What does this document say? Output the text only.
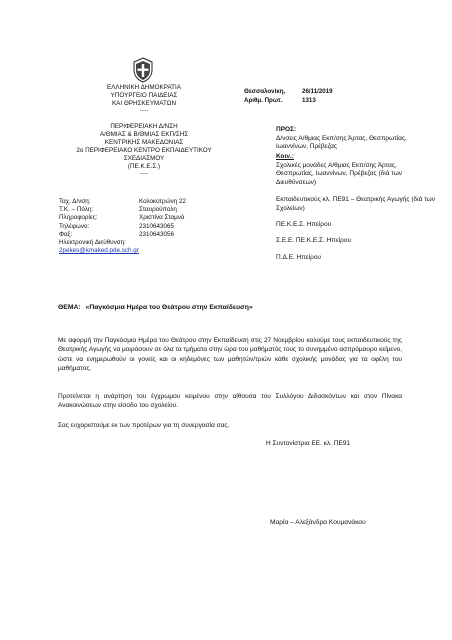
ΕΛΛΗΝΙΚΗ ΔΗΜΟΚΡΑΤΙΑ
ΥΠΟΥΡΓΕΙΟ ΠΑΙΔΕΙΑΣ
ΚΑΙ ΘΡΗΣΚΕΥΜΑΤΩΝ
-----
ΠΕΡΙΦΕΡΕΙΑΚΗ Δ/ΝΣΗ
Α/ΘΜΙΑΣ & Β/ΘΜΙΑΣ ΕΚΠ/ΣΗΣ
ΚΕΝΤΡΙΚΗΣ ΜΑΚΕΔΟΝΙΑΣ
2ο ΠΕΡΙΦΕΡΕΙΑΚΟ ΚΕΝΤΡΟ ΕΚΠΑΙΔΕΥΤΙΚΟΥ
ΣΧΕΔΙΑΣΜΟΥ
(ΠΕ.Κ.Ε.Σ.)
-----
Θεσσαλονίκη,	26/11/2019
Αριθμ. Πρωτ.	1313
Ταχ. Δ/νση:	Κολοκοτρώνη 22
Τ.Κ. – Πόλη:	Σταυρούπολη
Πληροφορίες:	Χριστίνα Σταμνά
Τηλέφωνο:	2310643065
Φαξ:	2310643056
Ηλεκτρονική Διεύθυνση:
2pekes@kmaked.pde.sch.gr
ΠΡΟΣ:
Δ/νσεις Α/θμιας Εκπ/σης Άρτας, Θεσπρωτίας, Ιωαννίνων, Πρέβεζας
Κοιν.:
Σχολικές μονάδες Α/θμιας Εκπ/σης Άρτας, Θεσπρωτίας, Ιωαννίνων, Πρέβεζας (διά των Διευθύνσεων)
Εκπαιδευτικούς κλ. ΠΕ91 – Θεατρικής Αγωγής (διά των Σχολείων)
ΠΕ.Κ.Ε.Σ. Ηπείρου
Σ.Ε.Ε. ΠΕ.Κ.Ε.Σ. Ηπείρου
Π.Δ.Ε. Ηπείρου
ΘΕΜΑ: «Παγκόσμια Ημέρα του Θεάτρου στην Εκπαίδευση»
Με αφορμή την Παγκόσμια Ημέρα του Θεάτρου στην Εκπαίδευση στις 27 Νοεμβρίου καλούμε τους εκπαιδευτικούς της Θεατρικής Αγωγής να μοιράσουν σε όλα τα τμήματα στην ώρα του μαθήματός τους το συνημμένο ασπρόμαυρο κείμενο, ώστε να ενημερωθούν οι γονείς και οι κηδεμόνες των μαθητών/τριών κάθε σχολικής μονάδας για τα οφέλη του μαθήματος.
Προτείνεται η ανάρτηση του έγχρωμου κειμένου στην αίθουσα του Συλλόγου Διδασκόντων και στον Πίνακα Ανακοινώσεων στην είσοδο του σχολείου.
Σας ευχαριστούμε εκ των προτέρων για τη συνεργασία σας.
Η Συντονίστρια ΕΕ. κλ. ΠΕ91
Μαρία – Αλεξάνδρα Κουμανάκου
